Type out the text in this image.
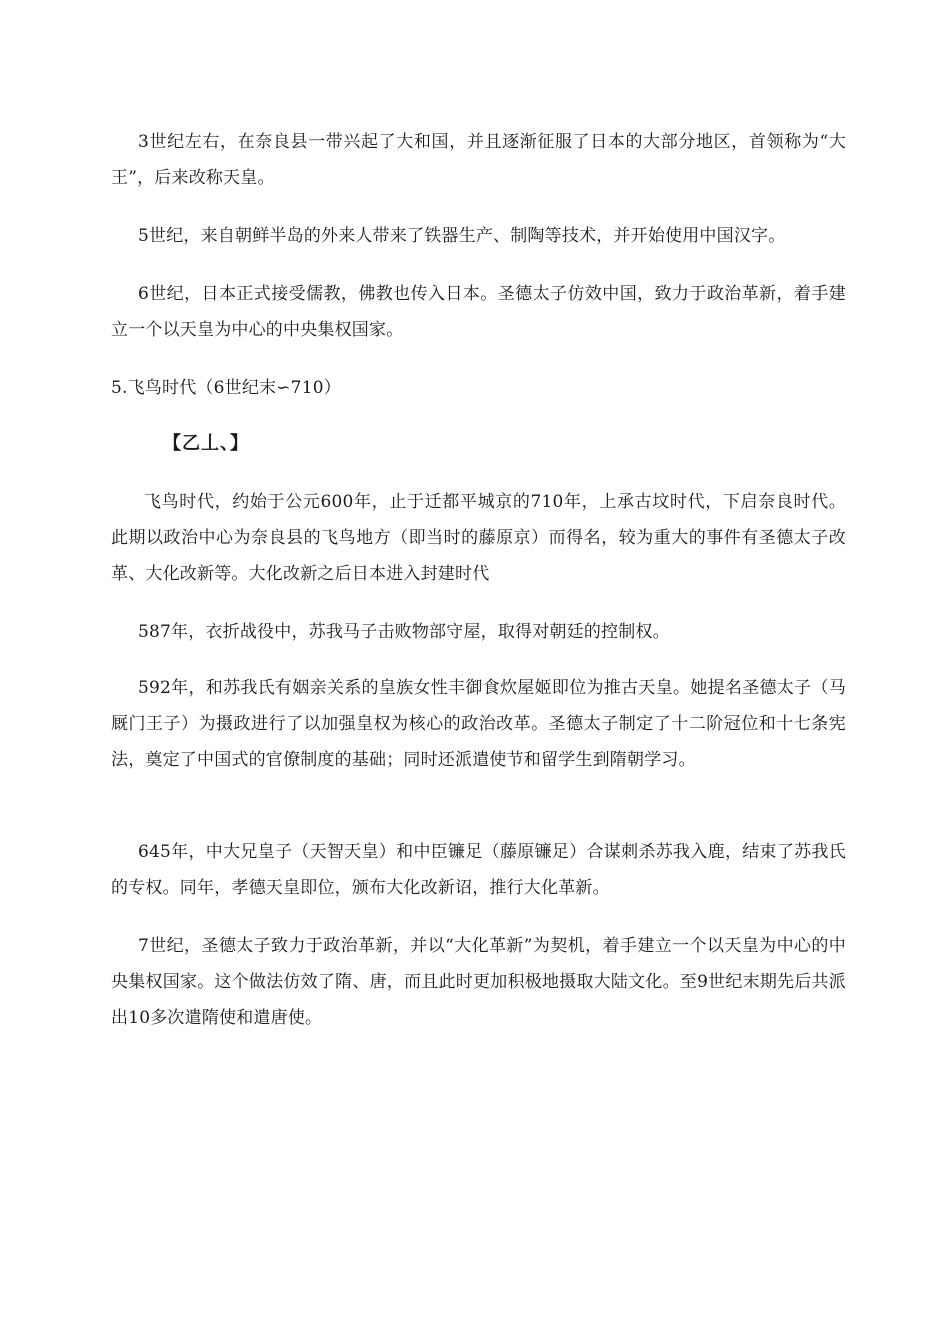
3世纪左右，在奈良县一带兴起了大和国，并且逐渐征服了日本的大部分地区，首领称为“大王”，后来改称天皇。

5世纪，来自朝鲜半岛的外来人带来了铁器生产、制陶等技术，并开始使用中国汉字。

6世纪，日本正式接受儒教，佛教也传入日本。圣德太子仿效中国，致力于政治革新，着手建立一个以天皇为中心的中央集权国家。

5.飞鸟时代（6世纪末∽710）

【乙丄、】

飞鸟时代，约始于公元600年，止于迁都平城京的710年，上承古坟时代，下启奈良时代。此期以政治中心为奈良县的飞鸟地方（即当时的藤原京）而得名，较为重大的事件有圣德太子改革、大化改新等。大化改新之后日本进入封建时代

587年，衣折战役中，苏我马子击败物部守屋，取得对朝廷的控制权。

592年，和苏我氏有姻亲关系的皇族女性丰御食炊屋姬即位为推古天皇。她提名圣德太子（马厩门王子）为摄政进行了以加强皇权为核心的政治改革。圣德太子制定了十二阶冠位和十七条宪法，奠定了中国式的官僚制度的基础；同时还派遣使节和留学生到隋朝学习。

645年，中大兄皇子（天智天皇）和中臣镰足（藤原镰足）合谋刺杀苏我入鹿，结束了苏我氏的专权。同年，孝德天皇即位，颁布大化改新诏，推行大化革新。

7世纪，圣德太子致力于政治革新，并以“大化革新”为契机，着手建立一个以天皇为中心的中央集权国家。这个做法仿效了隋、唐，而且此时更加积极地摄取大陆文化。至9世纪末期先后共派出10多次遣隋使和遣唐使。
